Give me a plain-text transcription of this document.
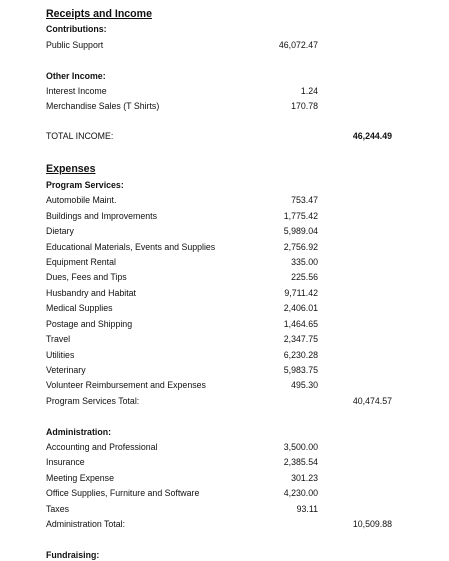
Receipts and Income
Contributions:
Public Support	46,072.47
Other Income:
Interest Income	1.24
Merchandise Sales (T Shirts)	170.78
TOTAL INCOME:	46,244.49
Expenses
Program Services:
Automobile Maint.	753.47
Buildings and Improvements	1,775.42
Dietary	5,989.04
Educational Materials, Events and Supplies	2,756.92
Equipment Rental	335.00
Dues, Fees and Tips	225.56
Husbandry and Habitat	9,711.42
Medical Supplies	2,406.01
Postage and Shipping	1,464.65
Travel	2,347.75
Utilities	6,230.28
Veterinary	5,983.75
Volunteer Reimbursement and Expenses	495.30
Program Services Total:	40,474.57
Administration:
Accounting and Professional	3,500.00
Insurance	2,385.54
Meeting Expense	301.23
Office Supplies, Furniture and Software	4,230.00
Taxes	93.11
Administration Total:	10,509.88
Fundraising:
